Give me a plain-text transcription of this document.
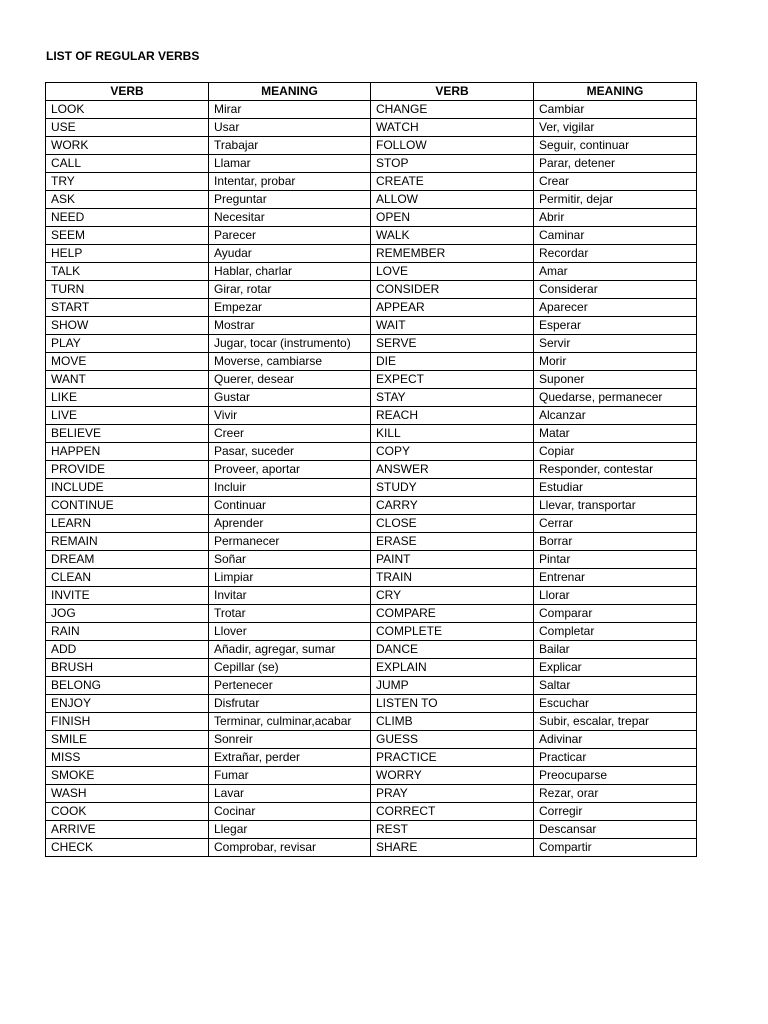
LIST OF REGULAR VERBS
VERB	MEANING	VERB	MEANING
LOOK	Mirar	CHANGE	Cambiar
USE	Usar	WATCH	Ver, vigilar
WORK	Trabajar	FOLLOW	Seguir, continuar
CALL	Llamar	STOP	Parar, detener
TRY	Intentar, probar	CREATE	Crear
ASK	Preguntar	ALLOW	Permitir, dejar
NEED	Necesitar	OPEN	Abrir
SEEM	Parecer	WALK	Caminar
HELP	Ayudar	REMEMBER	Recordar
TALK	Hablar, charlar	LOVE	Amar
TURN	Girar, rotar	CONSIDER	Considerar
START	Empezar	APPEAR	Aparecer
SHOW	Mostrar	WAIT	Esperar
PLAY	Jugar, tocar (instrumento)	SERVE	Servir
MOVE	Moverse, cambiarse	DIE	Morir
WANT	Querer, desear	EXPECT	Suponer
LIKE	Gustar	STAY	Quedarse, permanecer
LIVE	Vivir	REACH	Alcanzar
BELIEVE	Creer	KILL	Matar
HAPPEN	Pasar, suceder	COPY	Copiar
PROVIDE	Proveer, aportar	ANSWER	Responder, contestar
INCLUDE	Incluir	STUDY	Estudiar
CONTINUE	Continuar	CARRY	Llevar, transportar
LEARN	Aprender	CLOSE	Cerrar
REMAIN	Permanecer	ERASE	Borrar
DREAM	Soñar	PAINT	Pintar
CLEAN	Limpiar	TRAIN	Entrenar
INVITE	Invitar	CRY	Llorar
JOG	Trotar	COMPARE	Comparar
RAIN	Llover	COMPLETE	Completar
ADD	Añadir, agregar, sumar	DANCE	Bailar
BRUSH	Cepillar (se)	EXPLAIN	Explicar
BELONG	Pertenecer	JUMP	Saltar
ENJOY	Disfrutar	LISTEN TO	Escuchar
FINISH	Terminar, culminar,acabar	CLIMB	Subir, escalar, trepar
SMILE	Sonreir	GUESS	Adivinar
MISS	Extrañar, perder	PRACTICE	Practicar
SMOKE	Fumar	WORRY	Preocuparse
WASH	Lavar	PRAY	Rezar, orar
COOK	Cocinar	CORRECT	Corregir
ARRIVE	Llegar	REST	Descansar
CHECK	Comprobar, revisar	SHARE	Compartir
